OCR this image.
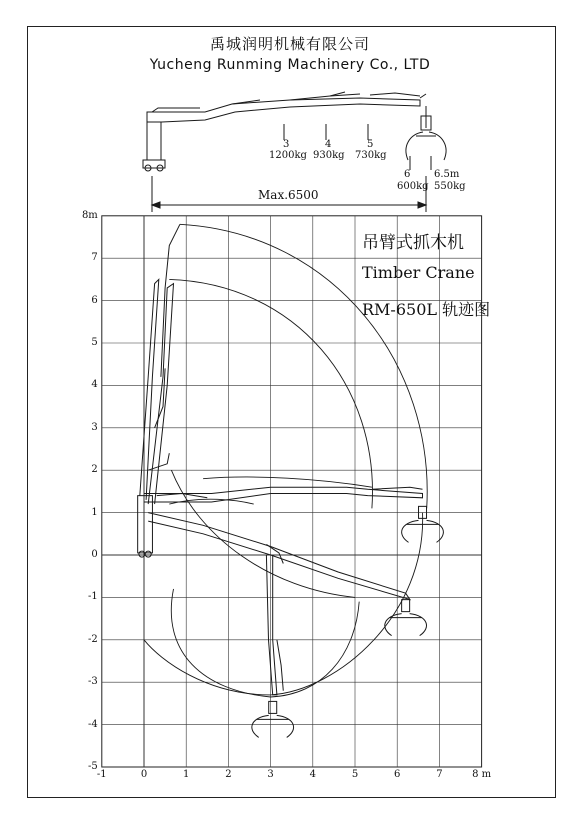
禹城润明机械有限公司
Yucheng Runming Machinery Co., LTD
3
1200kg
4
930kg
5
730kg
6
600kg
6.5m
550kg
Max.6500
-1	0	1	2	3	4	5	6	7	8 m
8m
7
6
5
4
3
2
1
0
-1
-2
-3
-4
-5
吊臂式抓木机
Timber Crane
RM-650L 轨迹图
